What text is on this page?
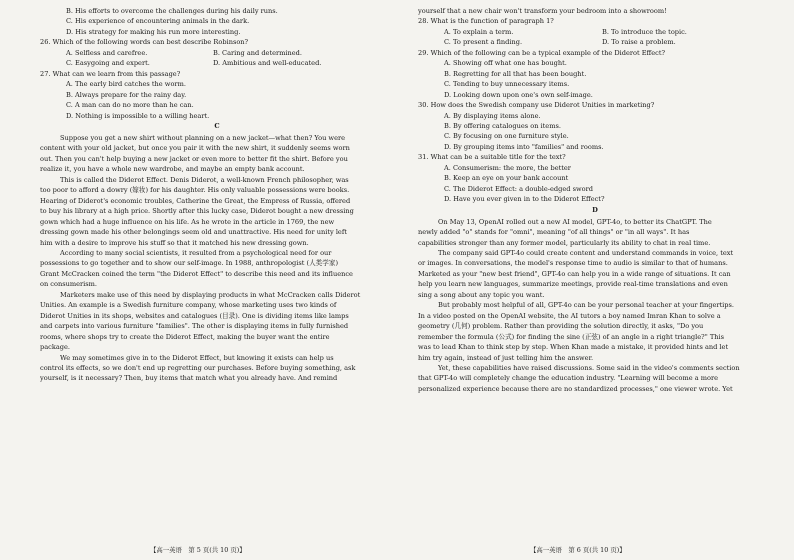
B. His efforts to overcome the challenges during his daily runs.
C. His experience of encountering animals in the dark.
D. His strategy for making his run more interesting.
26. Which of the following words can best describe Robinson?
A. Selfless and carefree.	B. Caring and determined.
C. Easygoing and expert.	D. Ambitious and well-educated.
27. What can we learn from this passage?
A. The early bird catches the worm.
B. Always prepare for the rainy day.
C. A man can do no more than he can.
D. Nothing is impossible to a willing heart.
C
Suppose you get a new shirt without planning on a new jacket—what then? You were
content with your old jacket, but once you pair it with the new shirt, it suddenly seems worn
out. Then you can't help buying a new jacket or even more to better fit the shirt. Before you
realize it, you have a whole new wardrobe, and maybe an empty bank account.
This is called the Diderot Effect. Denis Diderot, a well-known French philosopher, was
too poor to afford a dowry (嫁妆) for his daughter. His only valuable possessions were books.
Hearing of Diderot's economic troubles, Catherine the Great, the Empress of Russia, offered
to buy his library at a high price. Shortly after this lucky case, Diderot bought a new dressing
gown which had a huge influence on his life. As he wrote in the article in 1769, the new
dressing gown made his other belongings seem old and unattractive. His need for unity left
him with a desire to improve his stuff so that it matched his new dressing gown.
According to many social scientists, it resulted from a psychological need for our
possessions to go together and to show our self-image. In 1988, anthropologist (人类学家)
Grant McCracken coined the term "the Diderot Effect" to describe this need and its influence
on consumerism.
Marketers make use of this need by displaying products in what McCracken calls Diderot
Unities. An example is a Swedish furniture company, whose marketing uses two kinds of
Diderot Unities in its shops, websites and catalogues (目录). One is dividing items like lamps
and carpets into various furniture "families". The other is displaying items in fully furnished
rooms, where shops try to create the Diderot Effect, making the buyer want the entire
package.
We may sometimes give in to the Diderot Effect, but knowing it exists can help us
control its effects, so we don't end up regretting our purchases. Before buying something, ask
yourself, is it necessary? Then, buy items that match what you already have. And remind
yourself that a new chair won't transform your bedroom into a showroom!
28. What is the function of paragraph 1?
A. To explain a term.	B. To introduce the topic.
C. To present a finding.	D. To raise a problem.
29. Which of the following can be a typical example of the Diderot Effect?
A. Showing off what one has bought.
B. Regretting for all that has been bought.
C. Tending to buy unnecessary items.
D. Looking down upon one's own self-image.
30. How does the Swedish company use Diderot Unities in marketing?
A. By displaying items alone.
B. By offering catalogues on items.
C. By focusing on one furniture style.
D. By grouping items into "families" and rooms.
31. What can be a suitable title for the text?
A. Consumerism: the more, the better
B. Keep an eye on your bank account
C. The Diderot Effect: a double-edged sword
D. Have you ever given in to the Diderot Effect?
D
On May 13, OpenAI rolled out a new AI model, GPT-4o, to better its ChatGPT. The
newly added "o" stands for "omni", meaning "of all things" or "in all ways". It has
capabilities stronger than any former model, particularly its ability to chat in real time.
The company said GPT-4o could create content and understand commands in voice, text
or images. In conversations, the model's response time to audio is similar to that of humans.
Marketed as your "new best friend", GPT-4o can help you in a wide range of situations. It can
help you learn new languages, summarize meetings, provide real-time translations and even
sing a song about any topic you want.
But probably most helpful of all, GPT-4o can be your personal teacher at your fingertips.
In a video posted on the OpenAI website, the AI tutors a boy named Imran Khan to solve a
geometry (几何) problem. Rather than providing the solution directly, it asks, "Do you
remember the formula (公式) for finding the sine (正弦) of an angle in a right triangle?" This
was to lead Khan to think step by step. When Khan made a mistake, it provided hints and let
him try again, instead of just telling him the answer.
Yet, these capabilities have raised discussions. Some said in the video's comments section
that GPT-4o will completely change the education industry. "Learning will become a more
personalized experience because there are no standardized processes," one viewer wrote. Yet
【高一英语　第 5 页(共 10 页)】	【高一英语　第 6 页(共 10 页)】
